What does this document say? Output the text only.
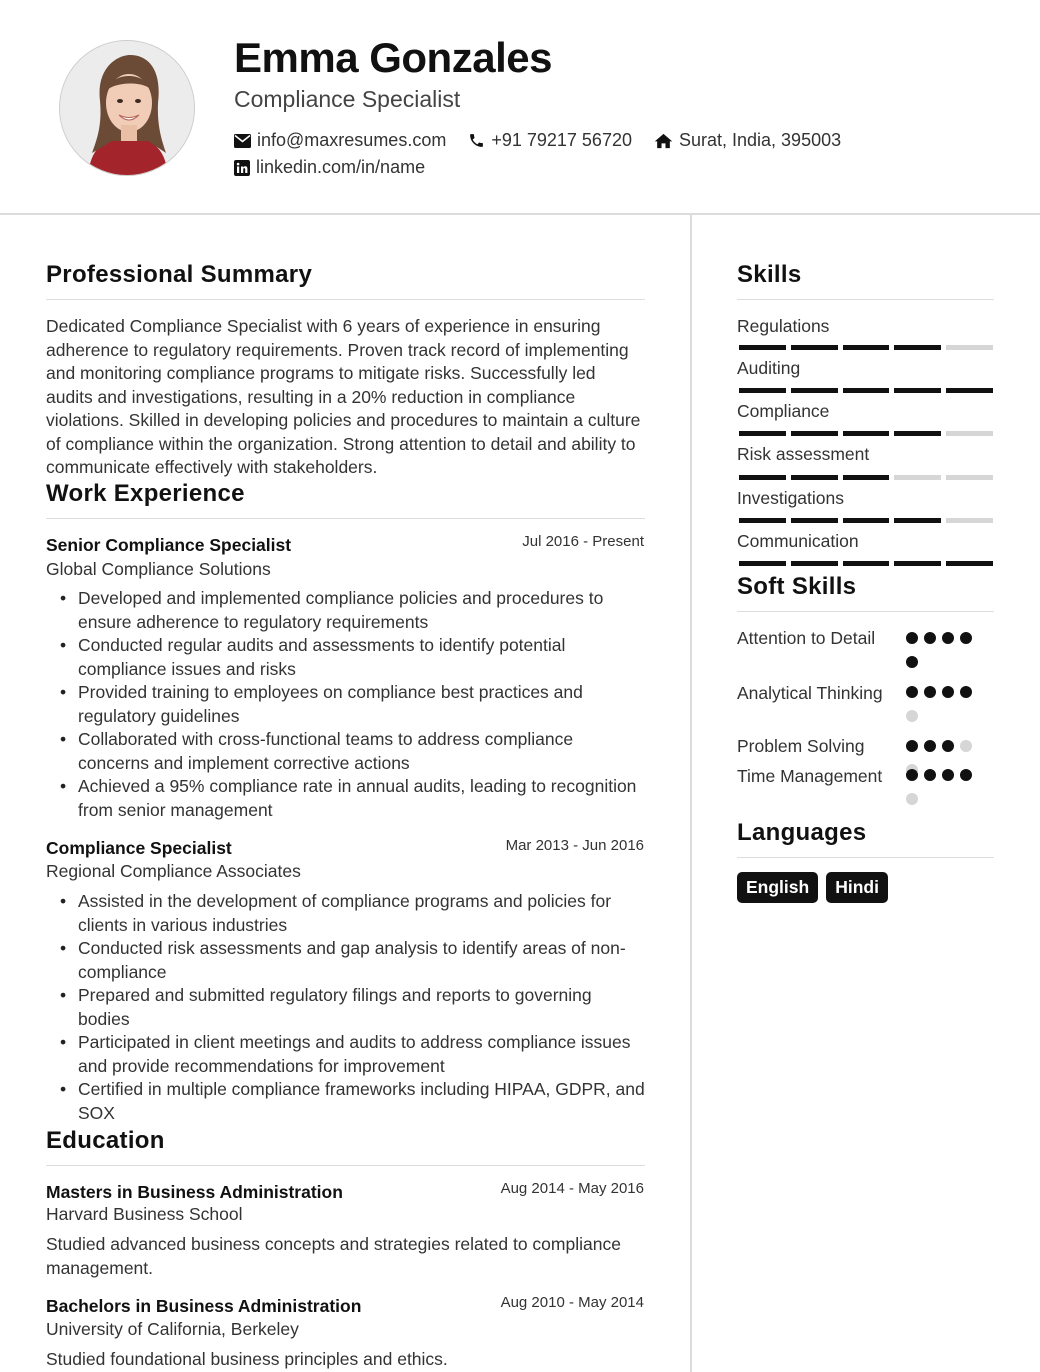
Emma Gonzales
Compliance Specialist
info@maxresumes.com	+91 79217 56720	Surat, India, 395003
linkedin.com/in/name
Professional Summary
Dedicated Compliance Specialist with 6 years of experience in ensuring adherence to regulatory requirements. Proven track record of implementing and monitoring compliance programs to mitigate risks. Successfully led audits and investigations, resulting in a 20% reduction in compliance violations. Skilled in developing policies and procedures to maintain a culture of compliance within the organization. Strong attention to detail and ability to communicate effectively with stakeholders.
Work Experience
Senior Compliance Specialist	Jul 2016 - Present
Global Compliance Solutions
• Developed and implemented compliance policies and procedures to ensure adherence to regulatory requirements
• Conducted regular audits and assessments to identify potential compliance issues and risks
• Provided training to employees on compliance best practices and regulatory guidelines
• Collaborated with cross-functional teams to address compliance concerns and implement corrective actions
• Achieved a 95% compliance rate in annual audits, leading to recognition from senior management
Compliance Specialist	Mar 2013 - Jun 2016
Regional Compliance Associates
• Assisted in the development of compliance programs and policies for clients in various industries
• Conducted risk assessments and gap analysis to identify areas of non-compliance
• Prepared and submitted regulatory filings and reports to governing bodies
• Participated in client meetings and audits to address compliance issues and provide recommendations for improvement
• Certified in multiple compliance frameworks including HIPAA, GDPR, and SOX
Education
Masters in Business Administration	Aug 2014 - May 2016
Harvard Business School
Studied advanced business concepts and strategies related to compliance management.
Bachelors in Business Administration	Aug 2010 - May 2014
University of California, Berkeley
Studied foundational business principles and ethics.
Skills
Regulations
Auditing
Compliance
Risk assessment
Investigations
Communication
Soft Skills
Attention to Detail
Analytical Thinking
Problem Solving
Time Management
Languages
English	Hindi
